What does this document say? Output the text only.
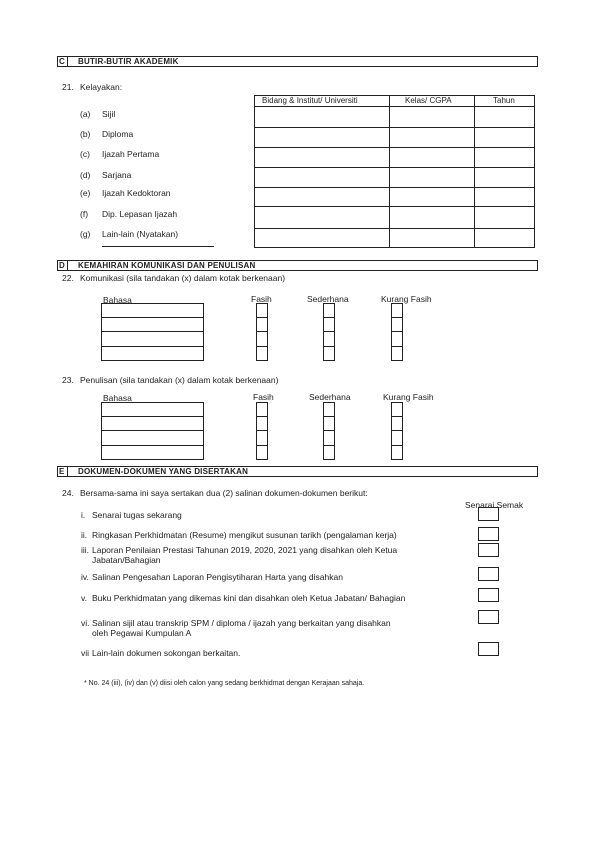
C	BUTIR-BUTIR AKADEMIK
21. Kelayakan:
(a) Sijil
(b) Diploma
(c) Ijazah Pertama
(d) Sarjana
(e) Ijazah Kedoktoran
(f) Dip. Lepasan Ijazah
(g) Lain-lain (Nyatakan)
Bidang & Institut/ Universiti	Kelas/ CGPA	Tahun
D	KEMAHIRAN KOMUNIKASI DAN PENULISAN
22. Komunikasi (sila tandakan (x) dalam kotak berkenaan)
Bahasa	Fasih	Sederhana	Kurang Fasih
23. Penulisan (sila tandakan (x) dalam kotak berkenaan)
Bahasa	Fasih	Sederhana	Kurang Fasih
E	DOKUMEN-DOKUMEN YANG DISERTAKAN
24. Bersama-sama ini saya sertakan dua (2) salinan dokumen-dokumen berikut:
Senarai Semak
i. Senarai tugas sekarang
ii. Ringkasan Perkhidmatan (Resume) mengikut susunan tarikh (pengalaman kerja)
iii. Laporan Penilaian Prestasi Tahunan 2019, 2020, 2021 yang disahkan oleh Ketua
Jabatan/Bahagian
iv. Salinan Pengesahan Laporan Pengisytiharan Harta yang disahkan
v. Buku Perkhidmatan yang dikemas kini dan disahkan oleh Ketua Jabatan/ Bahagian
vi. Salinan sijil atau transkrip SPM / diploma / ijazah yang berkaitan yang disahkan
oleh Pegawai Kumpulan A
vii Lain-lain dokumen sokongan berkaitan.
* No. 24 (iii), (iv) dan (v) diisi oleh calon yang sedang berkhidmat dengan Kerajaan sahaja.
